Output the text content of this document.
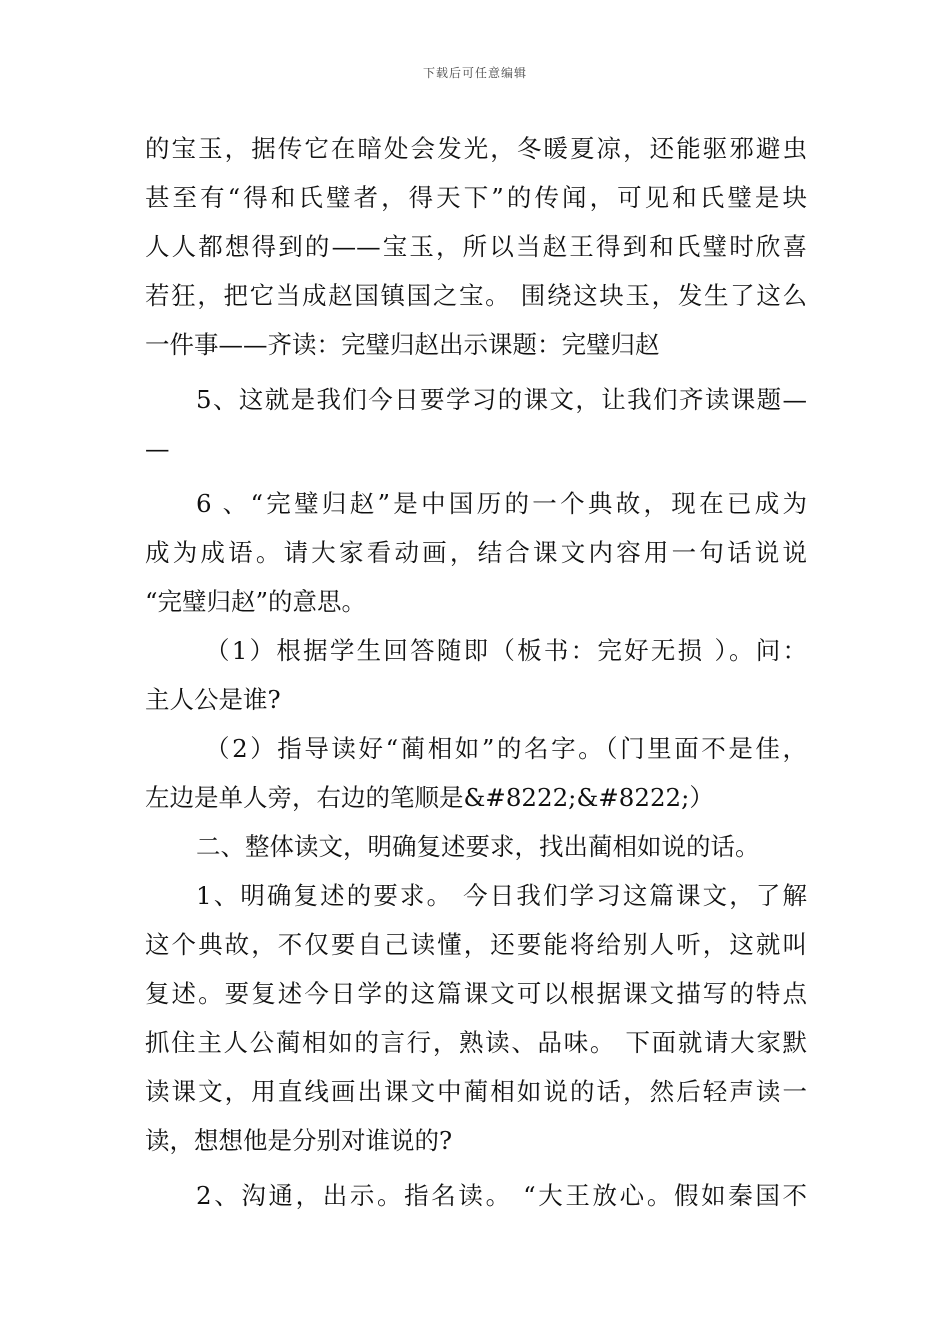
下载后可任意编辑
的宝玉，据传它在暗处会发光，冬暖夏凉，还能驱邪避虫
甚至有“得和氏璧者，得天下”的传闻，可见和氏璧是块
人人都想得到的——宝玉，所以当赵王得到和氏璧时欣喜
若狂，把它当成赵国镇国之宝。 围绕这块玉，发生了这么
一件事——齐读：完璧归赵出示课题：完璧归赵
5、这就是我们今日要学习的课文，让我们齐读课题—
—
6 、“完璧归赵”是中国历的一个典故，现在已成为
成为成语。请大家看动画，结合课文内容用一句话说说
“完璧归赵”的意思。
（1）根据学生回答随即（板书：完好无损 ）。问：
主人公是谁?
（2）指导读好“蔺相如”的名字。（门里面不是佳，
左边是单人旁，右边的笔顺是&#8222;&#8222;）
二、整体读文，明确复述要求，找出蔺相如说的话。
1、明确复述的要求。 今日我们学习这篇课文，了解
这个典故，不仅要自己读懂，还要能将给别人听，这就叫
复述。要复述今日学的这篇课文可以根据课文描写的特点
抓住主人公蔺相如的言行，熟读、品味。 下面就请大家默
读课文，用直线画出课文中蔺相如说的话，然后轻声读一
读，想想他是分别对谁说的?
2、沟通，出示。指名读。 “大王放心。假如秦国不
